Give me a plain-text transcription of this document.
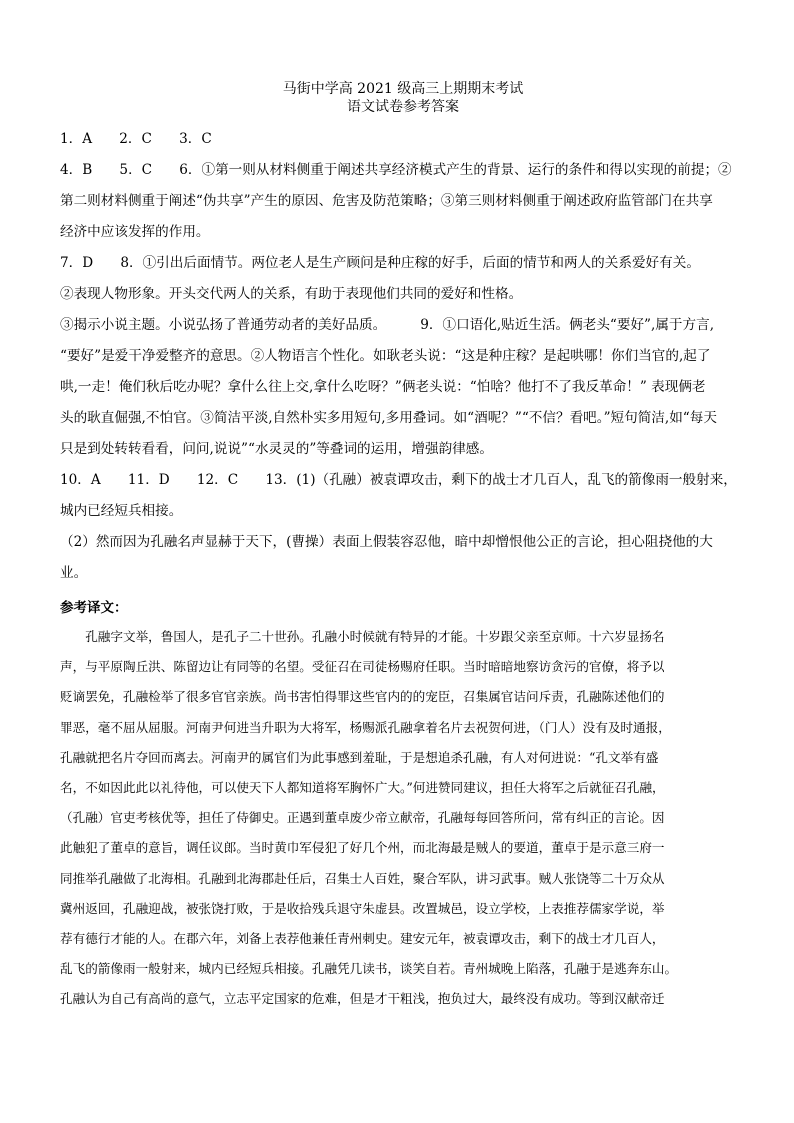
马街中学高 2021 级高三上期期末考试
语文试卷参考答案

1．A　　2．C　　3．C

4．B　　5．C　　6．①第一则从材料侧重于阐述共享经济模式产生的背景、运行的条件和得以实现的前提；②

第二则材料侧重于阐述“伪共享”产生的原因、危害及防范策略；③第三则材料侧重于阐述政府监管部门在共享

经济中应该发挥的作用。

7．D　　8．①引出后面情节。两位老人是生产顾问是种庄稼的好手，后面的情节和两人的关系爱好有关。

②表现人物形象。开头交代两人的关系，有助于表现他们共同的爱好和性格。

③揭示小说主题。小说弘扬了普通劳动者的美好品质。　　　9．①口语化,贴近生活。俩老头“要好”,属于方言,

“要好”是爱干净爱整齐的意思。②人物语言个性化。如耿老头说：“这是种庄稼？是起哄哪！你们当官的,起了

哄,一走！俺们秋后吃办呢？拿什么往上交,拿什么吃呀？”俩老头说：“怕啥？他打不了我反革命！” 表现俩老

头的耿直倔强,不怕官。③简洁平淡,自然朴实多用短句,多用叠词。如“酒呢？”“不信？看吧。”短句简洁,如“每天

只是到处转转看看，问问,说说”“水灵灵的”等叠词的运用，增强韵律感。

10．A　　11．D　　12．C　　13．(1)（孔融）被袁谭攻击，剩下的战士才几百人，乱飞的箭像雨一般射来，

城内已经短兵相接。

（2）然而因为孔融名声显赫于天下，(曹操）表面上假装容忍他，暗中却憎恨他公正的言论，担心阻挠他的大

业。

参考译文：

　　孔融字文举，鲁国人，是孔子二十世孙。孔融小时候就有特异的才能。十岁跟父亲至京师。十六岁显扬名

声，与平原陶丘洪、陈留边让有同等的名望。受征召在司徒杨赐府任职。当时暗暗地察访贪污的官僚，将予以

贬谪罢免，孔融检举了很多官官亲族。尚书害怕得罪这些官内的的宠臣，召集属官诘问斥责，孔融陈述他们的

罪恶，毫不屈从屈服。河南尹何进当升职为大将军，杨赐派孔融拿着名片去祝贺何进，（门人）没有及时通报，

孔融就把名片夺回而离去。河南尹的属官们为此事感到羞耻，于是想追杀孔融，有人对何进说：“孔文举有盛

名，不如因此此以礼待他，可以使天下人都知道将军胸怀广大。”何进赞同建议，担任大将军之后就征召孔融，

（孔融）官吏考核优等，担任了侍御史。正遇到董卓废少帝立献帝，孔融每每回答所问，常有纠正的言论。因

此触犯了董卓的意旨，调任议郎。当时黄巾军侵犯了好几个州，而北海最是贼人的要道，董卓于是示意三府一

同推举孔融做了北海相。孔融到北海郡赴任后，召集士人百姓，聚合军队，讲习武事。贼人张饶等二十万众从

冀州返回，孔融迎战，被张饶打败，于是收拾残兵退守朱虚县。改置城邑，设立学校，上表推荐儒家学说，举

荐有德行才能的人。在郡六年，刘备上表荐他兼任青州刺史。建安元年，被袁谭攻击，剩下的战士才几百人，

乱飞的箭像雨一般射来，城内已经短兵相接。孔融凭几读书，谈笑自若。青州城晚上陷落，孔融于是逃奔东山。

孔融认为自己有高尚的意气，立志平定国家的危难，但是才干粗浅，抱负过大，最终没有成功。等到汉献帝迁
